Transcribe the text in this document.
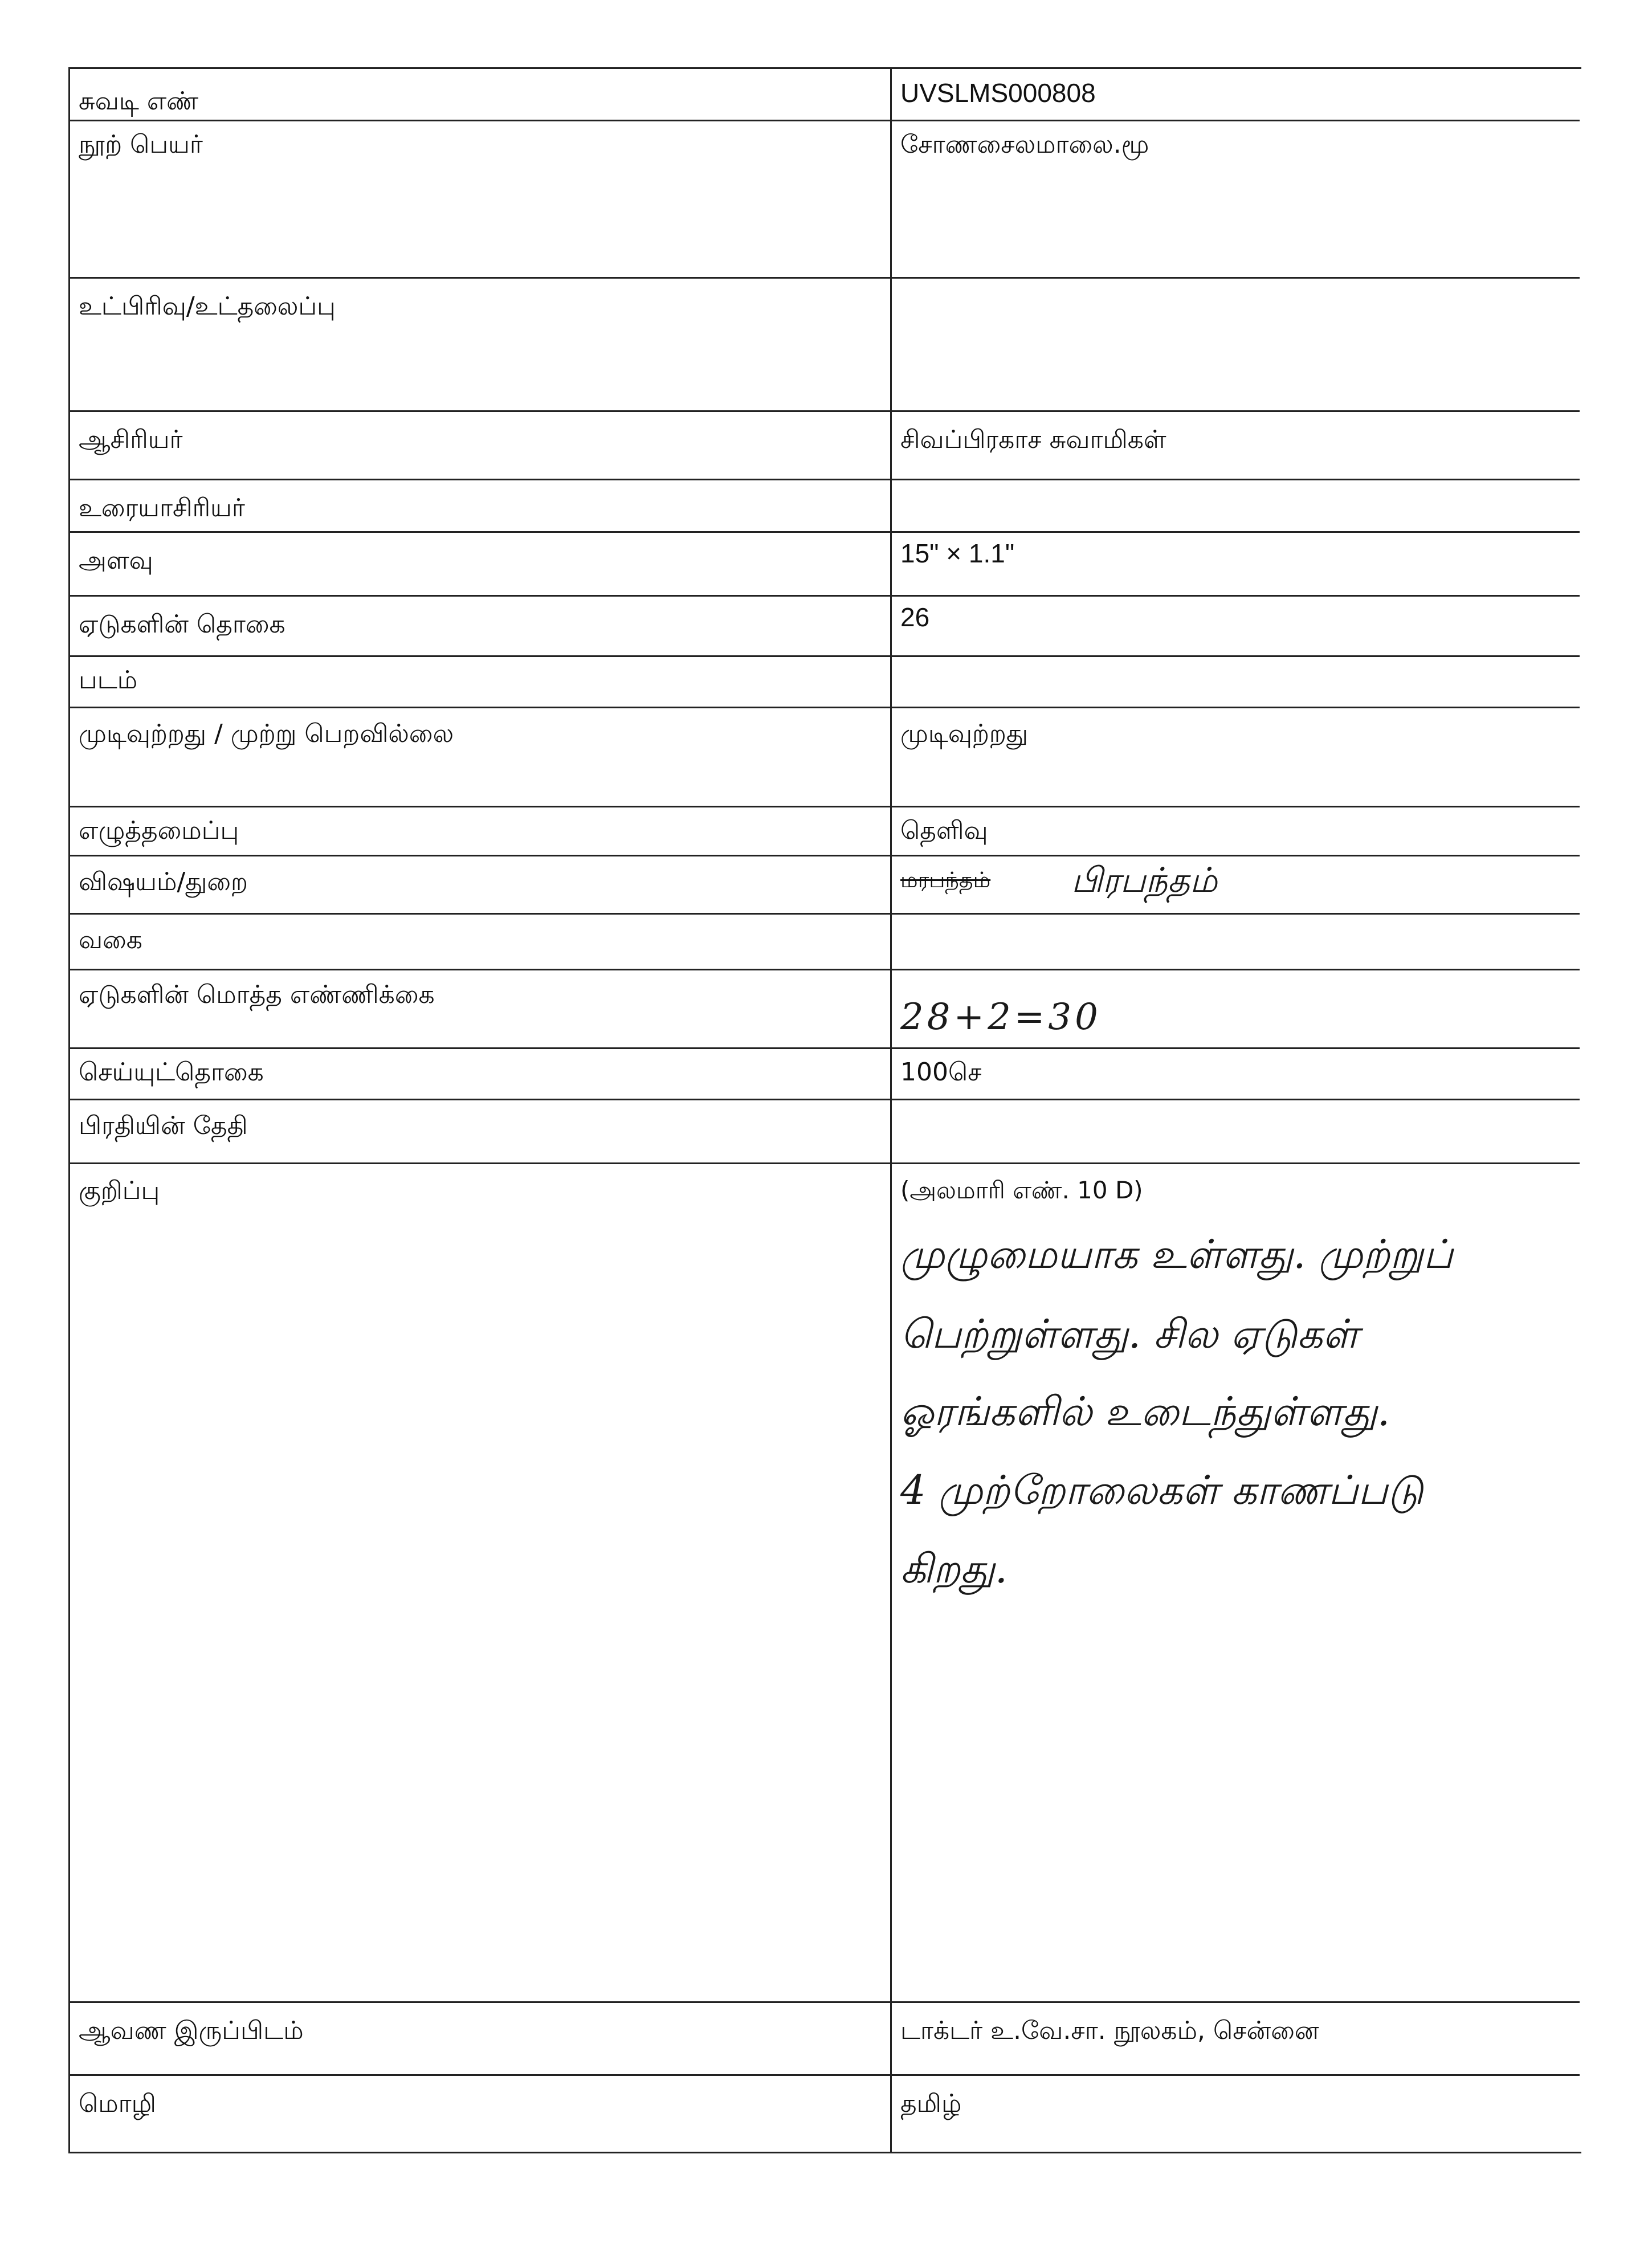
சுவடி எண்
நூற் பெயர்
உட்பிரிவு/உட்தலைப்பு
ஆசிரியர்
உரையாசிரியர்
அளவு
ஏடுகளின் தொகை
படம்
முடிவுற்றது / முற்று பெறவில்லை
எழுத்தமைப்பு
விஷயம்/துறை
வகை
ஏடுகளின் மொத்த எண்ணிக்கை
செய்யுட்தொகை
பிரதியின் தேதி
குறிப்பு
ஆவண இருப்பிடம்
மொழி
UVSLMS000808
சோணசைலமாலை.மூ
சிவப்பிரகாச சுவாமிகள்
15" × 1.1"
26
முடிவுற்றது
தெளிவு
மரபந்தம் பிரபந்தம்
28+2=30
100செ
(அலமாரி எண். 10 D)
முழுமையாக உள்ளது. முற்றுப்
பெற்றுள்ளது. சில ஏடுகள்
ஓரங்களில் உடைந்துள்ளது.
4 முற்றோலைகள் காணப்படு
கிறது.
டாக்டர் உ.வே.சா. நூலகம், சென்னை
தமிழ்
